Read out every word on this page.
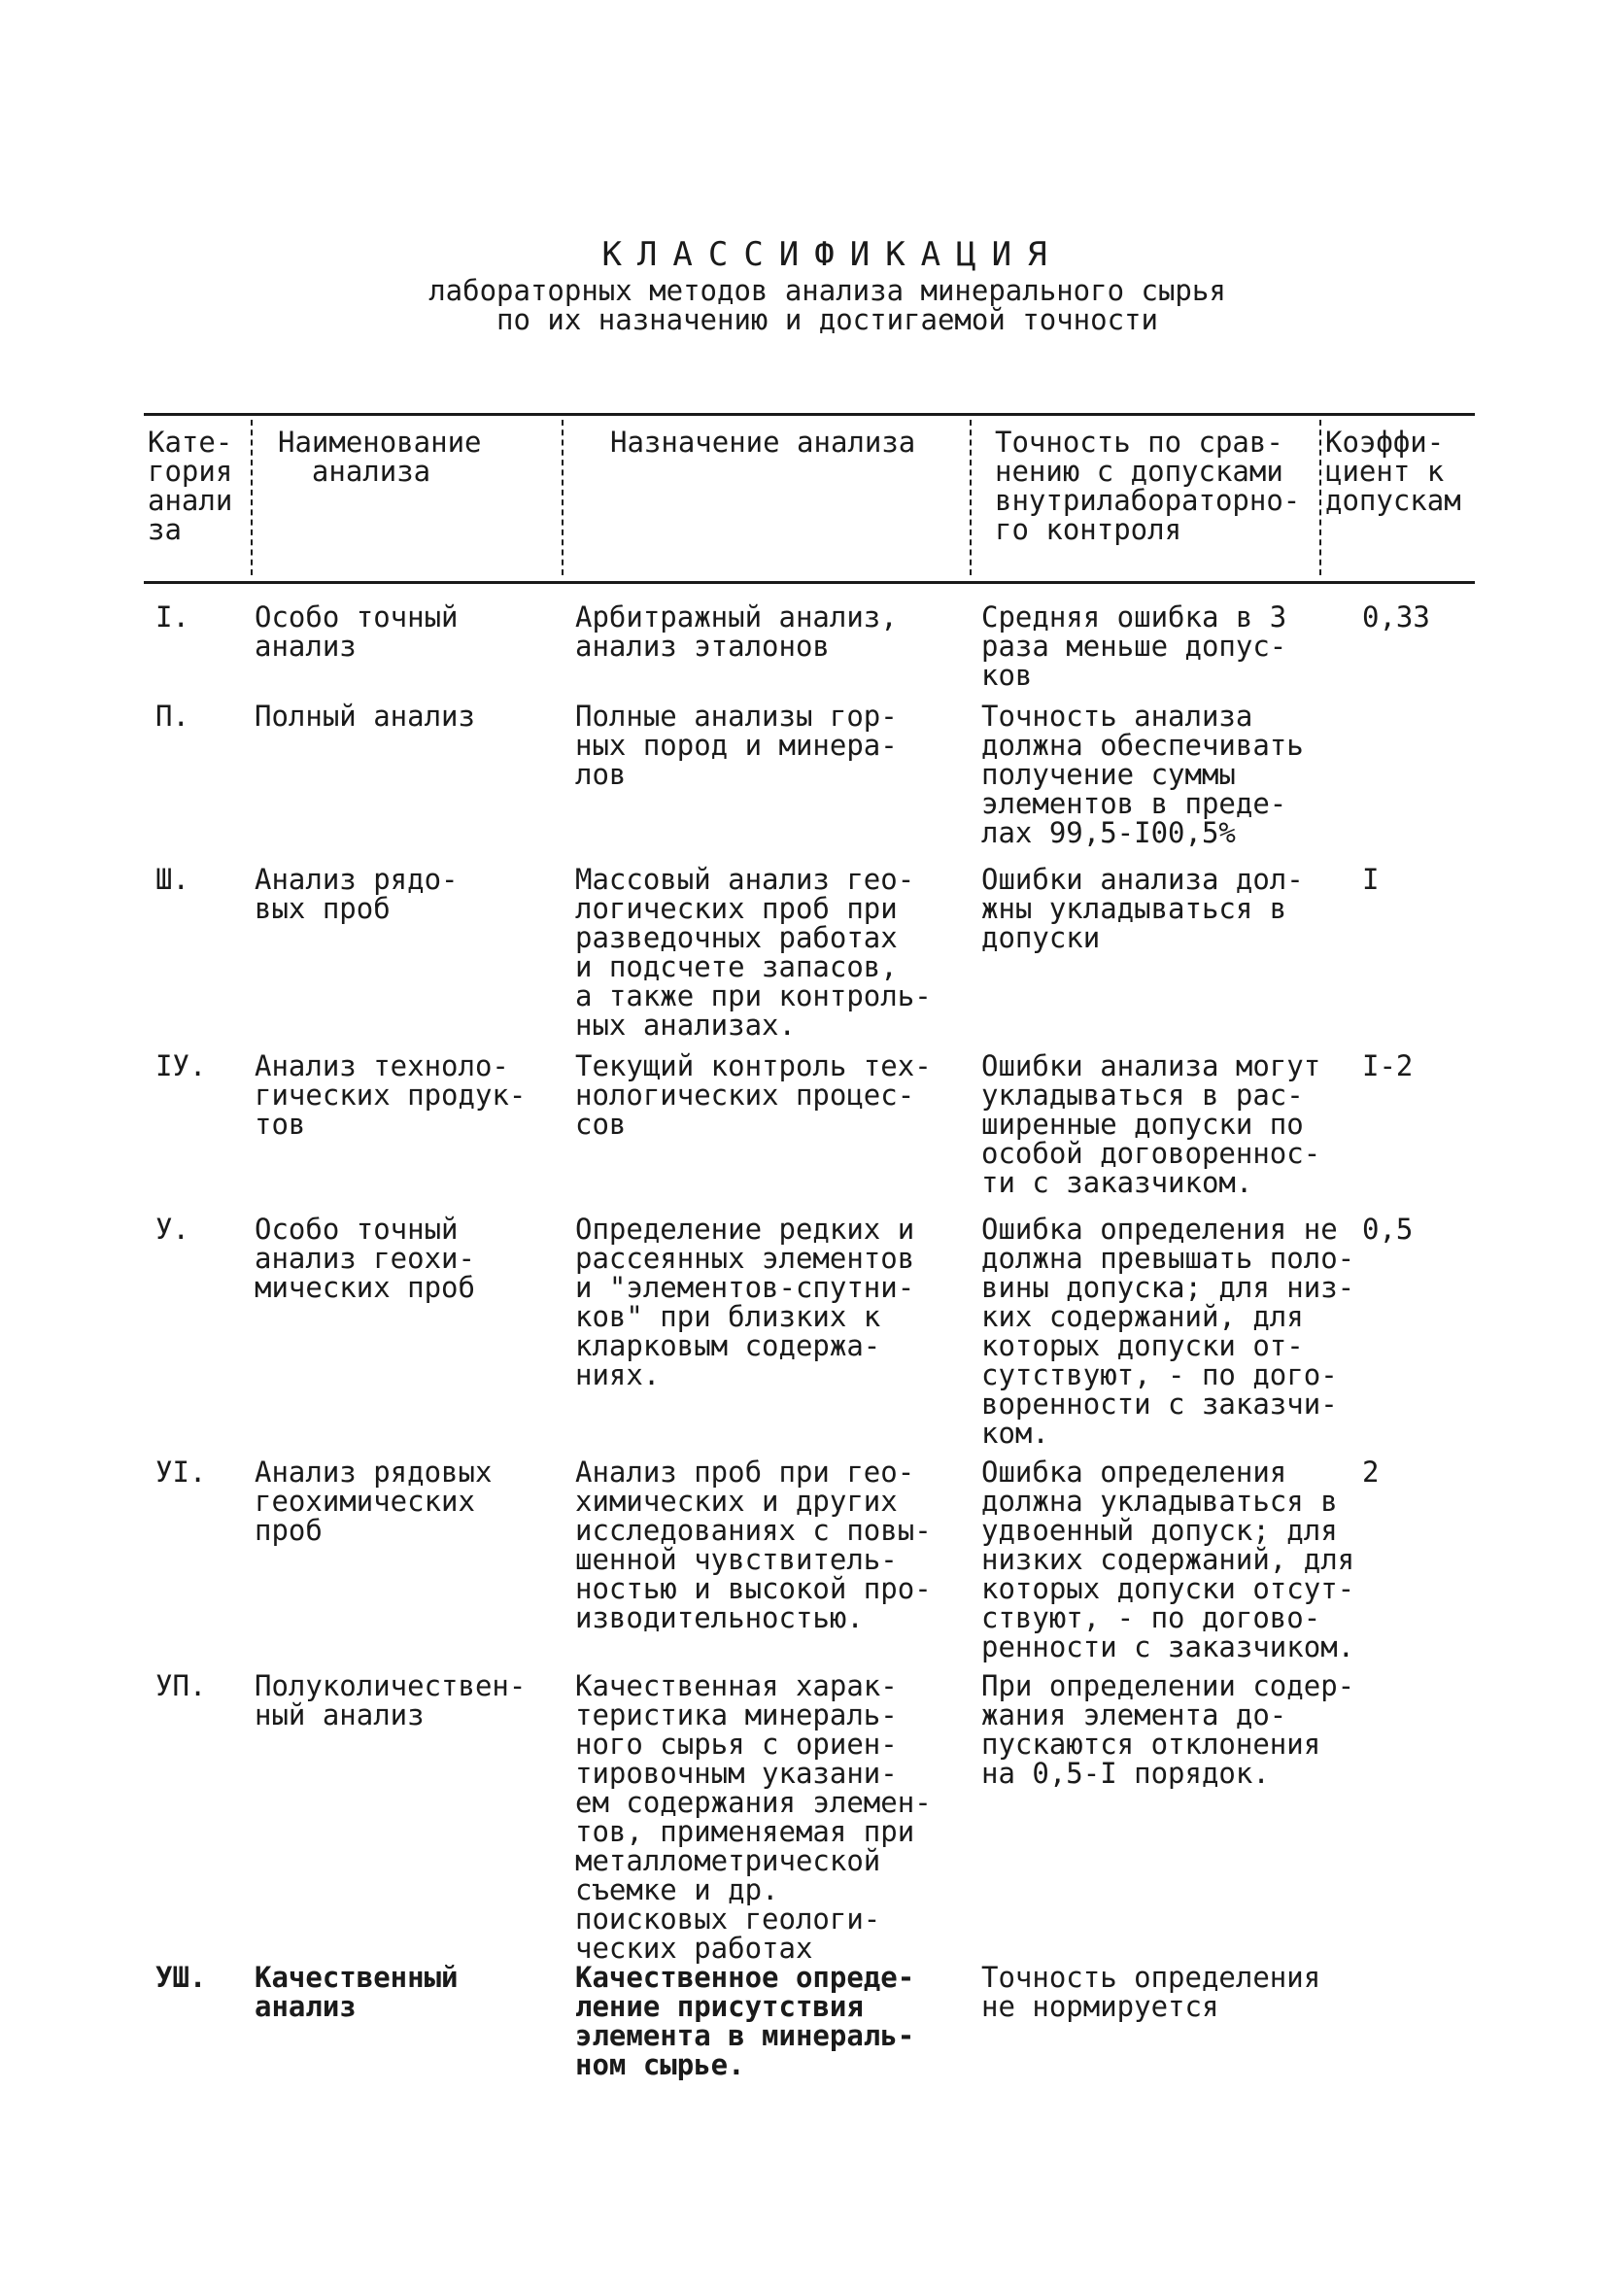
КЛАССИФИКАЦИЯ
лабораторных методов анализа минерального сырья
по их назначению и достигаемой точности
Кате-
гория
анали
за
Наименование
анализа
Назначение анализа	Точность по срав-
нению с допусками
внутрилабораторно-
го контроля
Коэффи-
циент к
допускам
I. Особо точный
анализ
Арбитражный анализ,
анализ эталонов
Средняя ошибка в 3
раза меньше допус-
ков
0,33
П. Полный анализ	Полные анализы гор-
ных пород и минера-
лов
Точность анализа
должна обеспечивать
получение суммы
элементов в преде-
лах 99,5-I00,5%
Ш. Анализ рядо-
вых проб
Массовый анализ гео-
логических проб при
разведочных работах
и подсчете запасов,
а также при контроль-
ных анализах.
Ошибки анализа дол-
жны укладываться в
допуски
I
IУ. Анализ техноло-
гических продук-
тов
Текущий контроль тех-
нологических процес-
сов
Ошибки анализа могут
укладываться в рас-
ширенные допуски по
особой договореннос-
ти с заказчиком.
I-2
У. Особо точный
анализ геохи-
мических проб
Определение редких и
рассеянных элементов
и "элементов-спутни-
ков" при близких к
кларковым содержа-
ниях.
Ошибка определения не
должна превышать поло-
вины допуска; для низ-
ких содержаний, для
которых допуски от-
сутствуют, - по дого-
воренности с заказчи-
ком.
0,5
УI. Анализ рядовых
геохимических
проб
Анализ проб при гео-
химических и других
исследованиях с повы-
шенной чувствитель-
ностью и высокой про-
изводительностью.
Ошибка определения
должна укладываться в
удвоенный допуск; для
низких содержаний, для
которых допуски отсут-
ствуют, - по догово-
ренности с заказчиком.
2
УП. Полуколичествен-
ный анализ
Качественная харак-
теристика минераль-
ного сырья с ориен-
тировочным указани-
ем содержания элемен-
тов, применяемая при
металлометрической
съемке и др.
поисковых геологи-
ческих работах
При определении содер-
жания элемента до-
пускаются отклонения
на 0,5-I порядок.
УШ. Качественный
анализ
Качественное опреде-
ление присутствия
элемента в минераль-
ном сырье.
Точность определения
не нормируется
